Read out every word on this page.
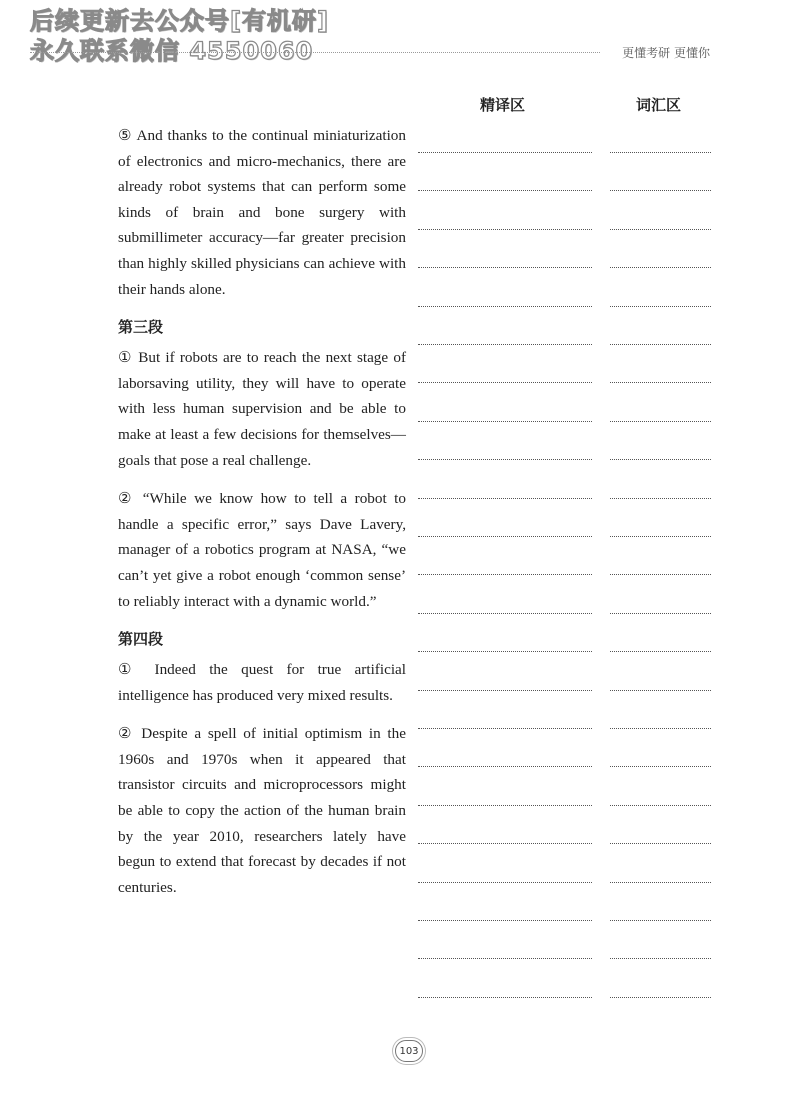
后续更新去公众号[有机研]
永久联系微信 4550060	更懂考研 更懂你
精译区	词汇区

⑤ And thanks to the continual miniaturization of electronics and micro-mechanics, there are already robot systems that can perform some kinds of brain and bone surgery with submillimeter accuracy—far greater precision than highly skilled physicians can achieve with their hands alone.

第三段

① But if robots are to reach the next stage of laborsaving utility, they will have to operate with less human supervision and be able to make at least a few decisions for themselves—goals that pose a real challenge.

② “While we know how to tell a robot to handle a specific error,” says Dave Lavery, manager of a robotics program at NASA, “we can’t yet give a robot enough ‘common sense’ to reliably interact with a dynamic world.”

第四段

① Indeed the quest for true artificial intelligence has produced very mixed results.

② Despite a spell of initial optimism in the 1960s and 1970s when it appeared that transistor circuits and microprocessors might be able to copy the action of the human brain by the year 2010, researchers lately have begun to extend that forecast by decades if not centuries.

103
